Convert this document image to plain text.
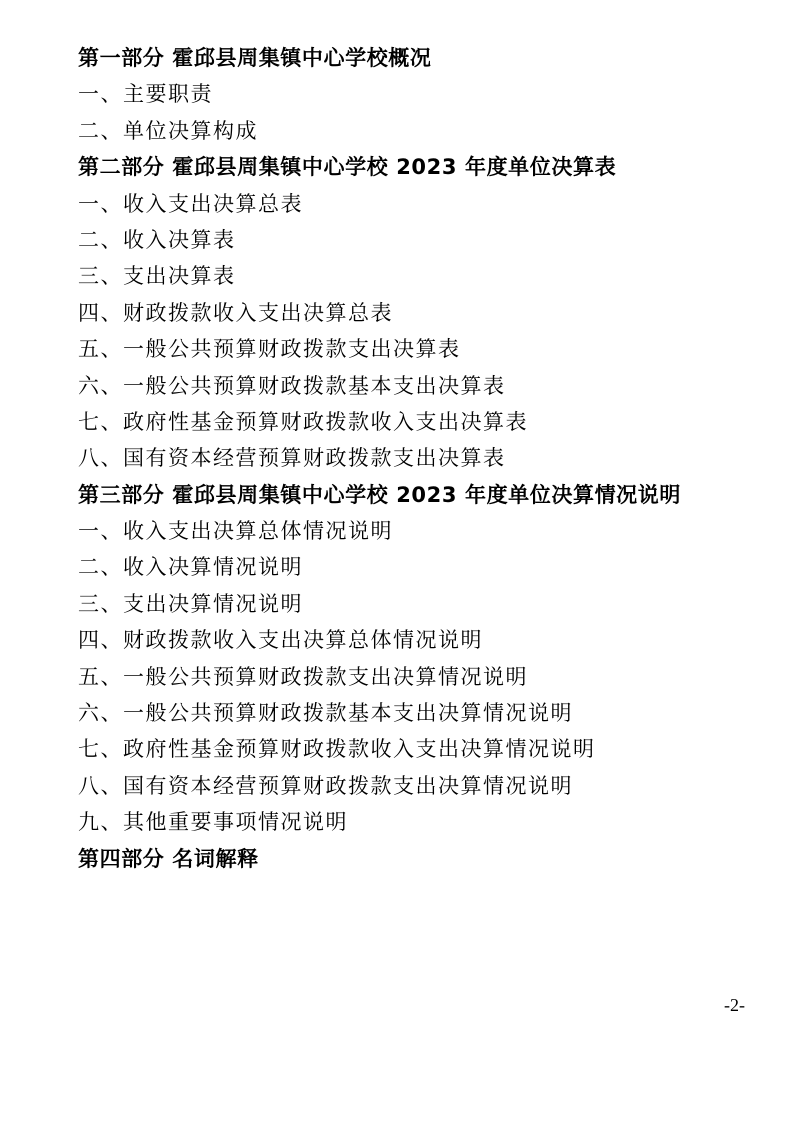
第一部分 霍邱县周集镇中心学校概况
一、主要职责
二、单位决算构成
第二部分 霍邱县周集镇中心学校 2023 年度单位决算表
一、收入支出决算总表
二、收入决算表
三、支出决算表
四、财政拨款收入支出决算总表
五、一般公共预算财政拨款支出决算表
六、一般公共预算财政拨款基本支出决算表
七、政府性基金预算财政拨款收入支出决算表
八、国有资本经营预算财政拨款支出决算表
第三部分 霍邱县周集镇中心学校 2023 年度单位决算情况说明
一、收入支出决算总体情况说明
二、收入决算情况说明
三、支出决算情况说明
四、财政拨款收入支出决算总体情况说明
五、一般公共预算财政拨款支出决算情况说明
六、一般公共预算财政拨款基本支出决算情况说明
七、政府性基金预算财政拨款收入支出决算情况说明
八、国有资本经营预算财政拨款支出决算情况说明
九、其他重要事项情况说明
第四部分 名词解释
-2-
